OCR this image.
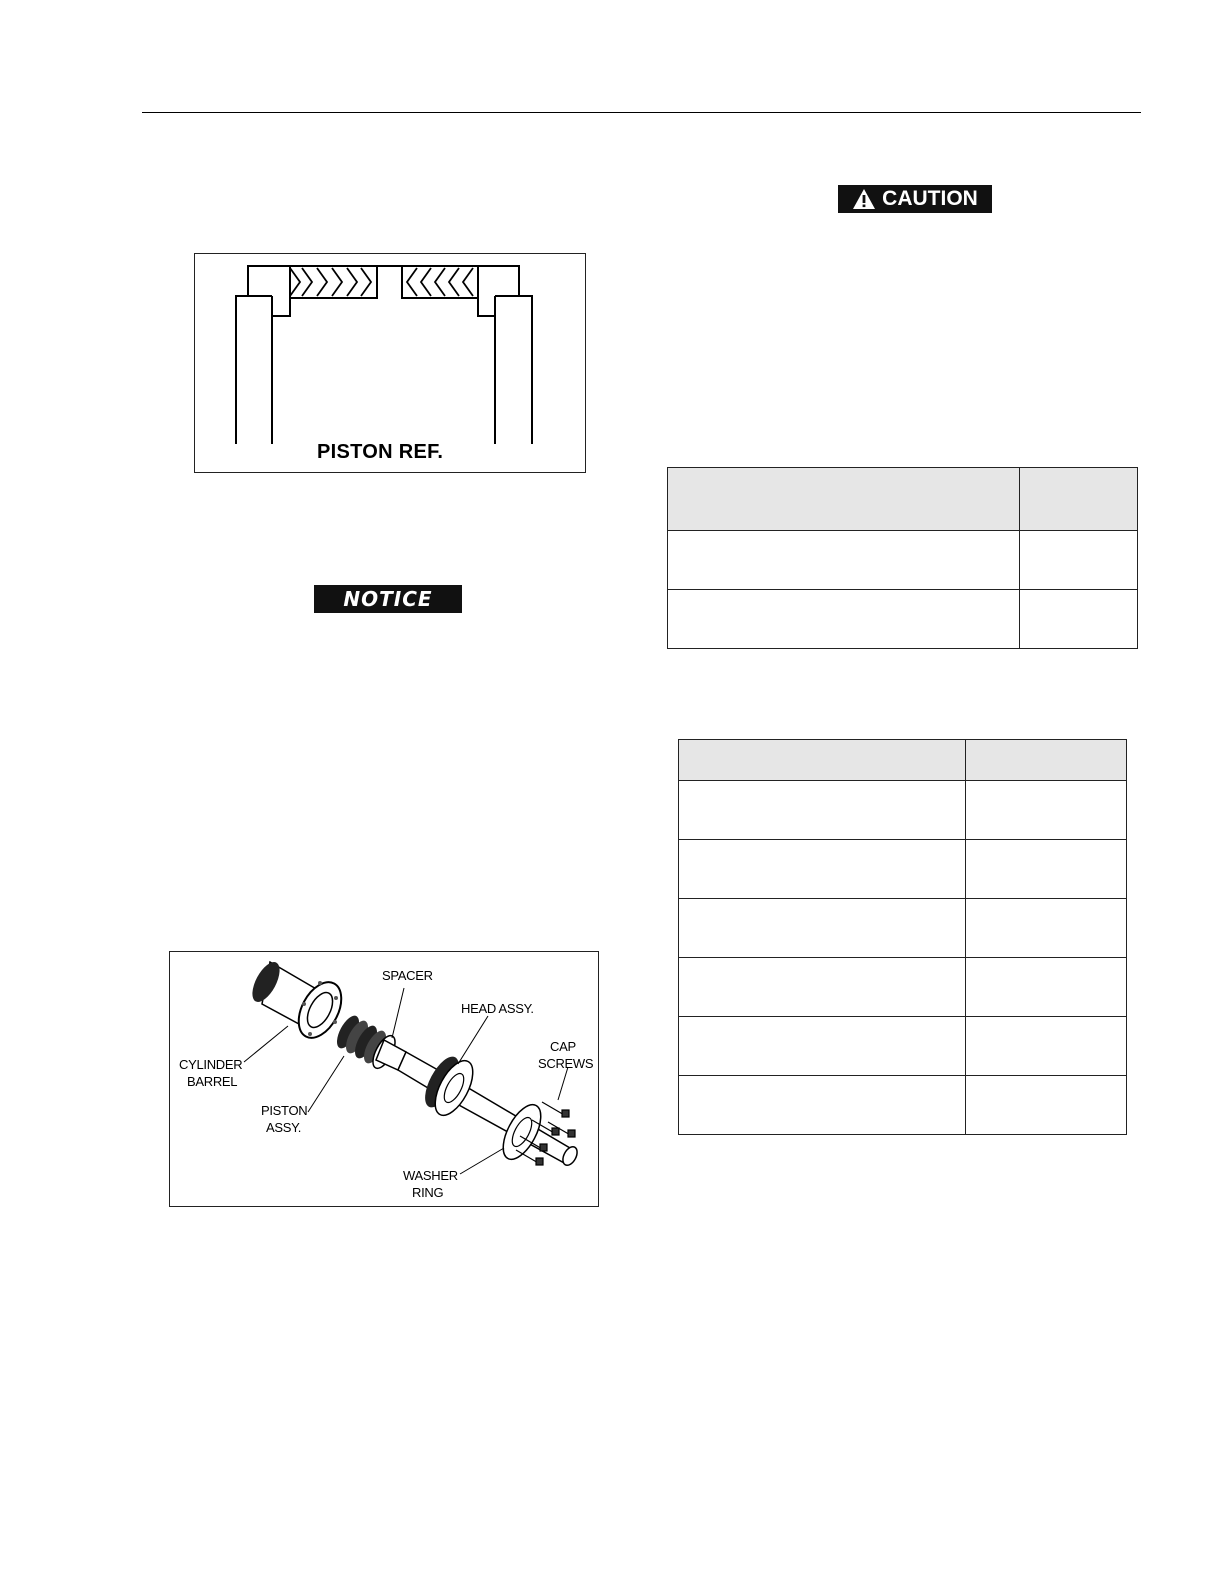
PISTON REF.
NOTICE
SPACER
HEAD ASSY.
CAP
SCREWS
CYLINDER
BARREL
PISTON
ASSY.
WASHER
RING
CAUTION
